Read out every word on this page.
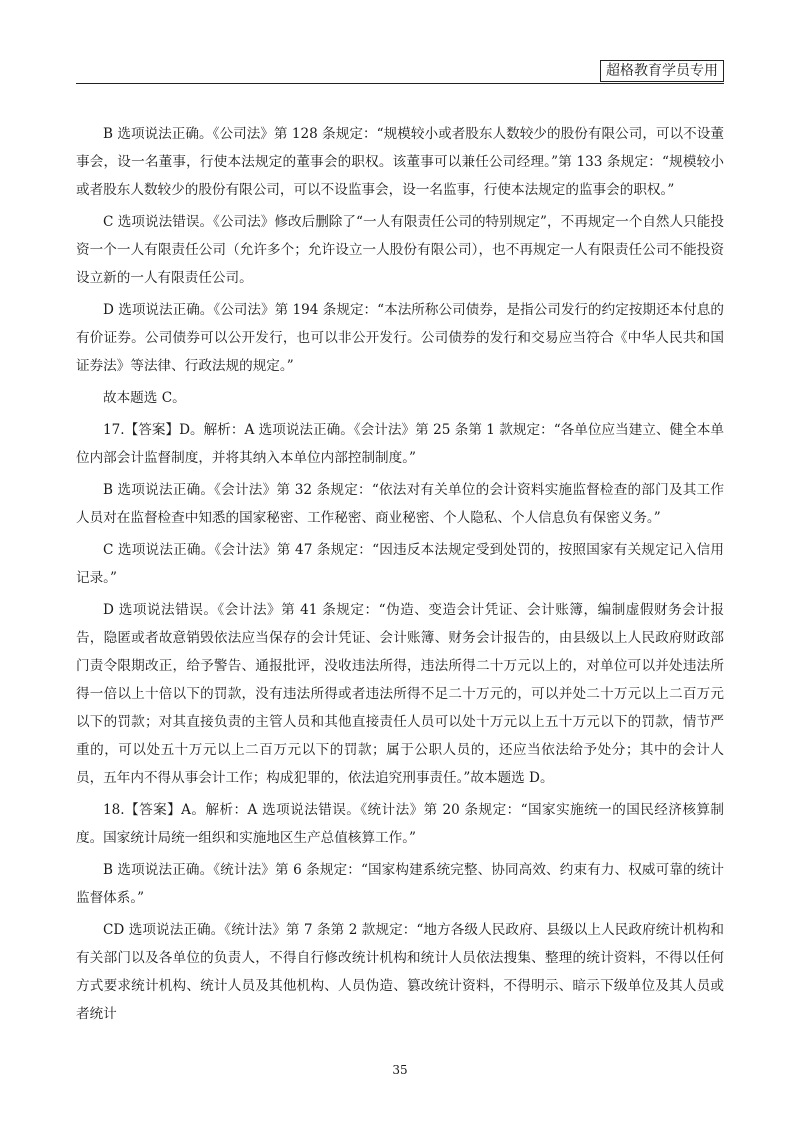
超格教育学员专用

B 选项说法正确。《公司法》第 128 条规定：“规模较小或者股东人数较少的股份有限公司，可以不设董事会，设一名董事，行使本法规定的董事会的职权。该董事可以兼任公司经理。”第 133 条规定：“规模较小或者股东人数较少的股份有限公司，可以不设监事会，设一名监事，行使本法规定的监事会的职权。”

C 选项说法错误。《公司法》修改后删除了“一人有限责任公司的特别规定”，不再规定一个自然人只能投资一个一人有限责任公司（允许多个；允许设立一人股份有限公司），也不再规定一人有限责任公司不能投资设立新的一人有限责任公司。

D 选项说法正确。《公司法》第 194 条规定：“本法所称公司债券，是指公司发行的约定按期还本付息的有价证券。公司债券可以公开发行，也可以非公开发行。公司债券的发行和交易应当符合《中华人民共和国证券法》等法律、行政法规的规定。”

故本题选 C。

17.【答案】D。解析：A 选项说法正确。《会计法》第 25 条第 1 款规定：“各单位应当建立、健全本单位内部会计监督制度，并将其纳入本单位内部控制制度。”

B 选项说法正确。《会计法》第 32 条规定：“依法对有关单位的会计资料实施监督检查的部门及其工作人员对在监督检查中知悉的国家秘密、工作秘密、商业秘密、个人隐私、个人信息负有保密义务。”

C 选项说法正确。《会计法》第 47 条规定：“因违反本法规定受到处罚的，按照国家有关规定记入信用记录。”

D 选项说法错误。《会计法》第 41 条规定：“伪造、变造会计凭证、会计账簿，编制虚假财务会计报告，隐匿或者故意销毁依法应当保存的会计凭证、会计账簿、财务会计报告的，由县级以上人民政府财政部门责令限期改正，给予警告、通报批评，没收违法所得，违法所得二十万元以上的，对单位可以并处违法所得一倍以上十倍以下的罚款，没有违法所得或者违法所得不足二十万元的，可以并处二十万元以上二百万元以下的罚款；对其直接负责的主管人员和其他直接责任人员可以处十万元以上五十万元以下的罚款，情节严重的，可以处五十万元以上二百万元以下的罚款；属于公职人员的，还应当依法给予处分；其中的会计人员，五年内不得从事会计工作；构成犯罪的，依法追究刑事责任。”故本题选 D。

18.【答案】A。解析：A 选项说法错误。《统计法》第 20 条规定：“国家实施统一的国民经济核算制度。国家统计局统一组织和实施地区生产总值核算工作。”

B 选项说法正确。《统计法》第 6 条规定：“国家构建系统完整、协同高效、约束有力、权威可靠的统计监督体系。”

CD 选项说法正确。《统计法》第 7 条第 2 款规定：“地方各级人民政府、县级以上人民政府统计机构和有关部门以及各单位的负责人，不得自行修改统计机构和统计人员依法搜集、整理的统计资料，不得以任何方式要求统计机构、统计人员及其他机构、人员伪造、篡改统计资料，不得明示、暗示下级单位及其人员或者统计

35
